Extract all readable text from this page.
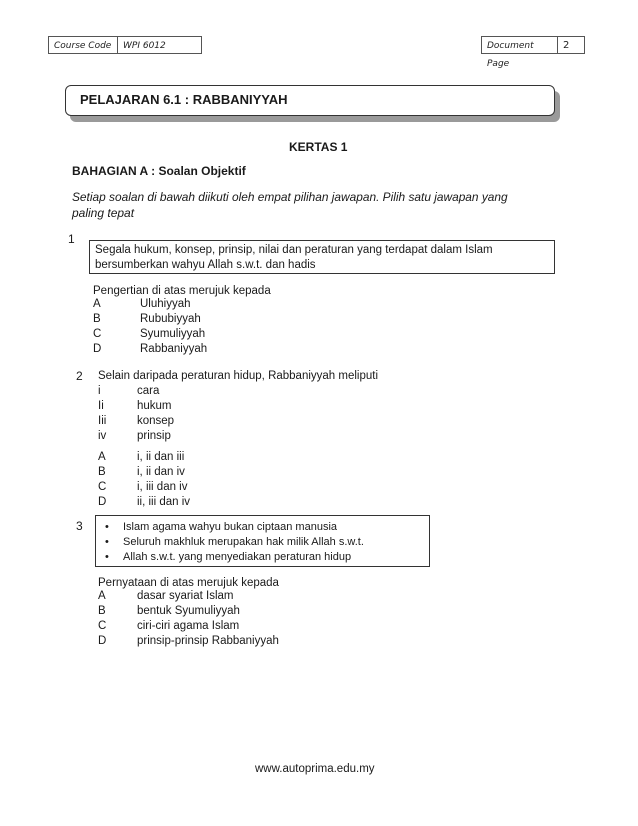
Course Code	WPI 6012	Document Page
2
PELAJARAN 6.1 : RABBANIYYAH
KERTAS 1
BAHAGIAN A : Soalan Objektif
Setiap soalan di bawah diikuti oleh empat pilihan jawapan. Pilih satu jawapan yang
paling tepat
1
Segala hukum, konsep, prinsip, nilai dan peraturan yang terdapat dalam Islam
bersumberkan wahyu Allah s.w.t. dan hadis
Pengertian di atas merujuk kepada
A	Uluhiyyah
B	Rububiyyah
C	Syumuliyyah
D	Rabbaniyyah
2 Selain daripada peraturan hidup, Rabbaniyyah meliputi
i	cara
Ii	hukum
Iii	konsep
iv	prinsip
A	i, ii dan iii
B	i, ii dan iv
C	i, iii dan iv
D	ii, iii dan iv
3 • Islam agama wahyu bukan ciptaan manusia
• Seluruh makhluk merupakan hak milik Allah s.w.t.
• Allah s.w.t. yang menyediakan peraturan hidup
Pernyataan di atas merujuk kepada
A	dasar syariat Islam
B	bentuk Syumuliyyah
C	ciri-ciri agama Islam
D	prinsip-prinsip Rabbaniyyah
www.autoprima.edu.my
